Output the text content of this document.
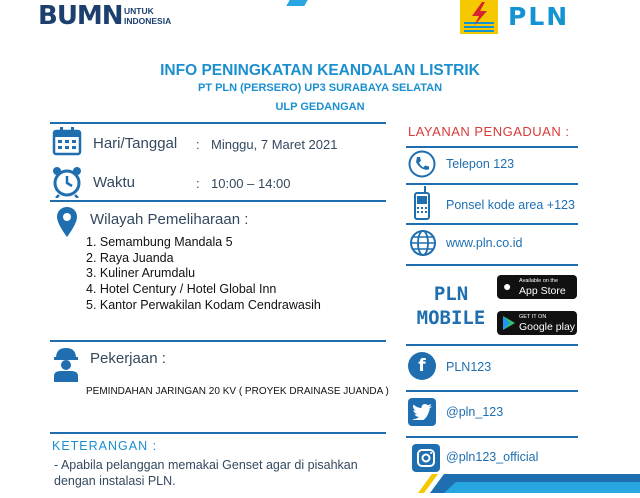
BUMN UNTUK INDONESIA	PLN
INFO PENINGKATAN KEANDALAN LISTRIK
PT PLN (PERSERO) UP3 SURABAYA SELATAN
ULP GEDANGAN
Hari/Tanggal : Minggu, 7 Maret 2021
Waktu	: 10:00 – 14:00
Wilayah Pemeliharaan :
1. Semambung Mandala 5
2. Raya Juanda
3. Kuliner Arumdalu
4. Hotel Century / Hotel Global Inn
5. Kantor Perwakilan Kodam Cendrawasih
Pekerjaan :
PEMINDAHAN JARINGAN 20 KV ( PROYEK DRAINASE JUANDA )
KETERANGAN :
- Apabila pelanggan memakai Genset agar di pisahkan dengan instalasi PLN.
LAYANAN PENGADUAN :
Telepon 123
Ponsel kode area +123
www.pln.co.id
PLN
MOBILE
● Available on the
App Store
GET IT ON
Google play
f	PLN123
@pln_123
@pln123_official
